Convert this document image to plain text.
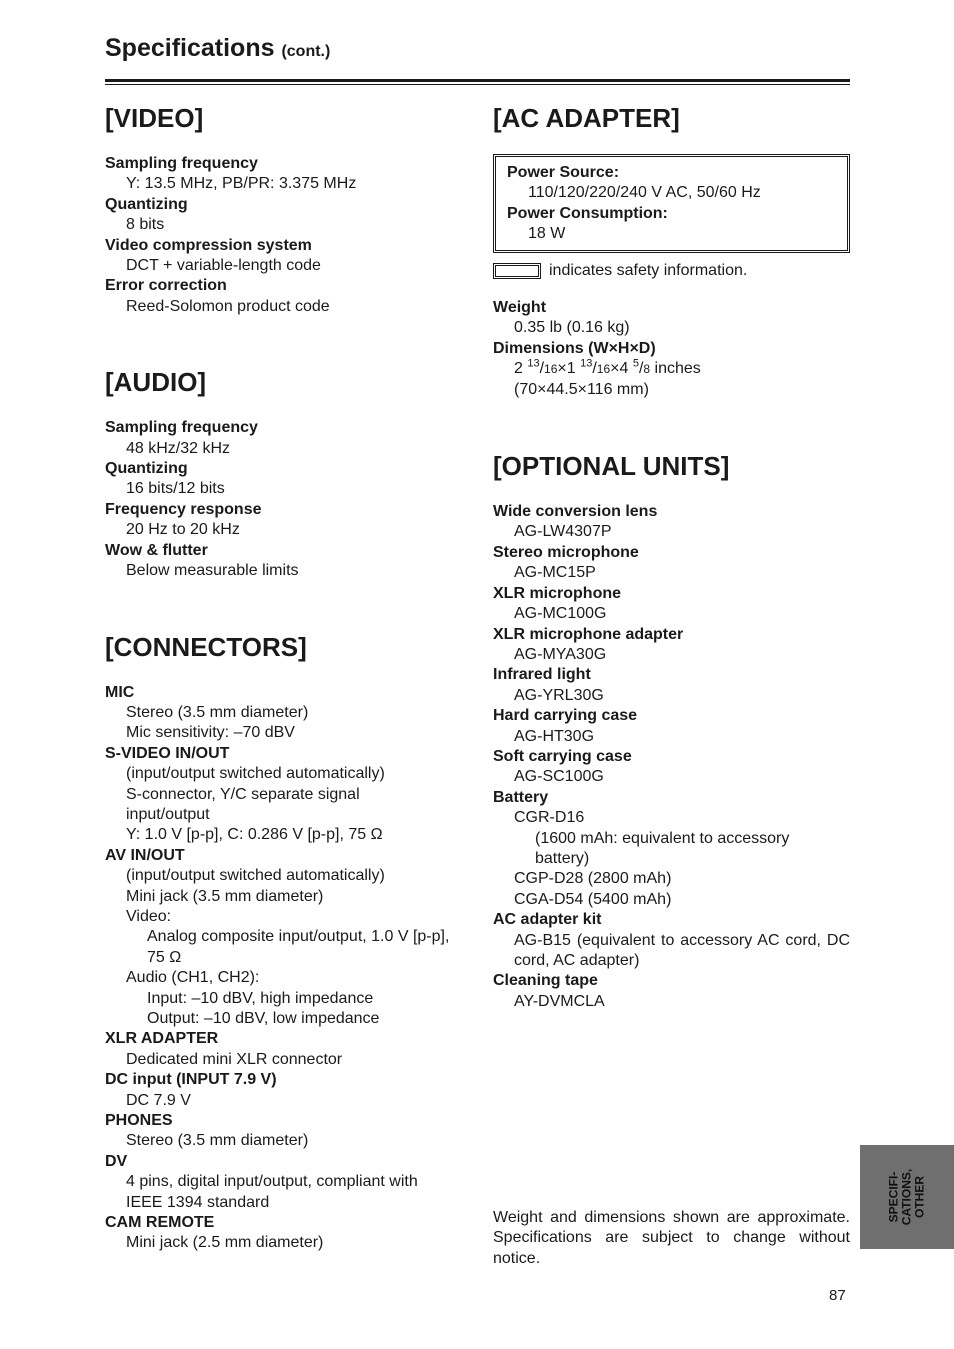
Specifications (cont.)
[VIDEO]
Sampling frequency
Y: 13.5 MHz, PB/PR: 3.375 MHz
Quantizing
8 bits
Video compression system
DCT + variable-length code
Error correction
Reed-Solomon product code
[AUDIO]
Sampling frequency
48 kHz/32 kHz
Quantizing
16 bits/12 bits
Frequency response
20 Hz to 20 kHz
Wow & flutter
Below measurable limits
[CONNECTORS]
MIC
Stereo (3.5 mm diameter)
Mic sensitivity: –70 dBV
S-VIDEO IN/OUT
(input/output switched automatically)
S-connector, Y/C separate signal
input/output
Y: 1.0 V [p-p], C: 0.286 V [p-p], 75 Ω
AV IN/OUT
(input/output switched automatically)
Mini jack (3.5 mm diameter)
Video:
Analog composite input/output, 1.0 V [p-p],
75 Ω
Audio (CH1, CH2):
Input: –10 dBV, high impedance
Output: –10 dBV, low impedance
XLR ADAPTER
Dedicated mini XLR connector
DC input (INPUT 7.9 V)
DC 7.9 V
PHONES
Stereo (3.5 mm diameter)
DV
4 pins, digital input/output, compliant with
IEEE 1394 standard
CAM REMOTE
Mini jack (2.5 mm diameter)
[AC ADAPTER]
Power Source:
110/120/220/240 V AC, 50/60 Hz
Power Consumption:
18 W
indicates safety information.
Weight
0.35 lb (0.16 kg)
Dimensions (W×H×D)
2 $^{13}$/16×1 $^{13}$/16×4 $^5$/8 inches
(70×44.5×116 mm)
[OPTIONAL UNITS]
Wide conversion lens
AG-LW4307P
Stereo microphone
AG-MC15P
XLR microphone
AG-MC100G
XLR microphone adapter
AG-MYA30G
Infrared light
AG-YRL30G
Hard carrying case
AG-HT30G
Soft carrying case
AG-SC100G
Battery
CGR-D16
(1600 mAh: equivalent to accessory
battery)
CGP-D28 (2800 mAh)
CGA-D54 (5400 mAh)
AC adapter kit
AG-B15 (equivalent to accessory AC cord, DC cord, AC adapter)
Cleaning tape
AY-DVMCLA
Weight and dimensions shown are approximate. Specifications are subject to change without notice.
87
SPECIFI- CATIONS, OTHER
